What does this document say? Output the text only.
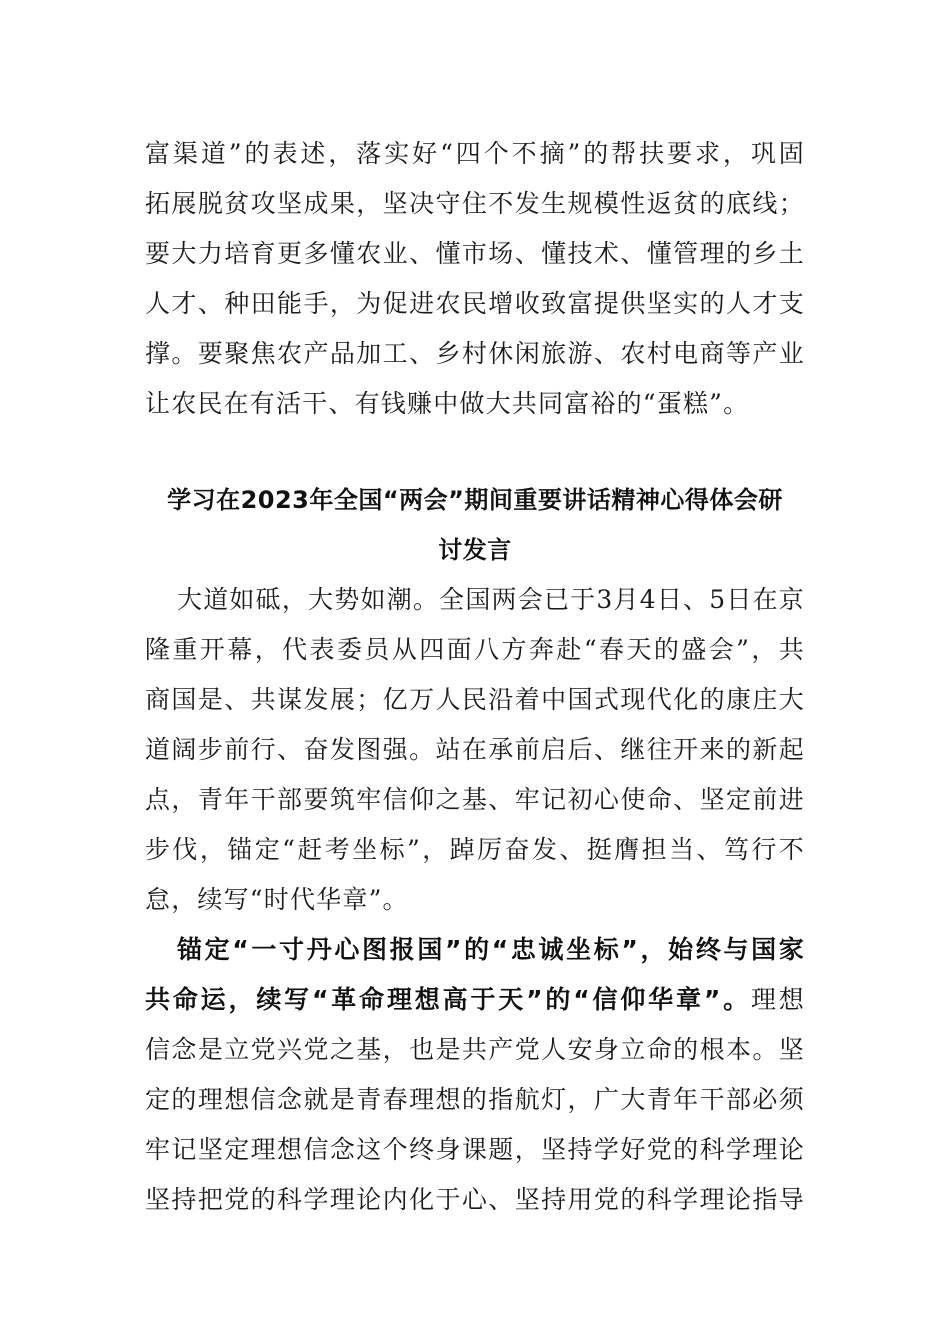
富渠道”的表述，落实好“四个不摘”的帮扶要求，巩固
拓展脱贫攻坚成果，坚决守住不发生规模性返贫的底线；
要大力培育更多懂农业、懂市场、懂技术、懂管理的乡土
人才、种田能手，为促进农民增收致富提供坚实的人才支
撑。要聚焦农产品加工、乡村休闲旅游、农村电商等产业
让农民在有活干、有钱赚中做大共同富裕的“蛋糕”。
学习在2023年全国“两会”期间重要讲话精神心得体会研
讨发言
大道如砥，大势如潮。全国两会已于3月4日、5日在京
隆重开幕，代表委员从四面八方奔赴“春天的盛会”，共
商国是、共谋发展；亿万人民沿着中国式现代化的康庄大
道阔步前行、奋发图强。站在承前启后、继往开来的新起
点，青年干部要筑牢信仰之基、牢记初心使命、坚定前进
步伐，锚定“赶考坐标”，踔厉奋发、挺膺担当、笃行不
怠，续写“时代华章”。
锚定“一寸丹心图报国”的“忠诚坐标”，始终与国家
共命运，续写“革命理想高于天”的“信仰华章”。理想
信念是立党兴党之基，也是共产党人安身立命的根本。坚
定的理想信念就是青春理想的指航灯，广大青年干部必须
牢记坚定理想信念这个终身课题，坚持学好党的科学理论
坚持把党的科学理论内化于心、坚持用党的科学理论指导
